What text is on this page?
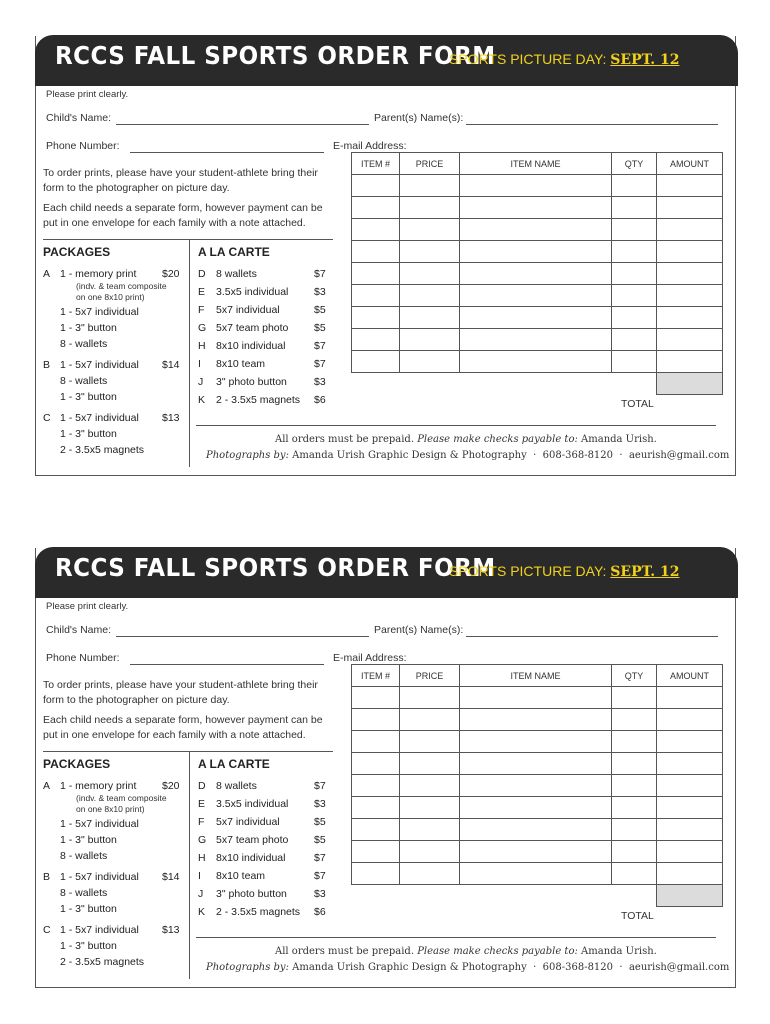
RCCS FALL SPORTS ORDER FORM
SPORTS PICTURE DAY: SEPT. 12
Please print clearly.
Child's Name:	Parent(s) Name(s):
Phone Number:	E-mail Address:
To order prints, please have your student-athlete bring their
form to the photographer on picture day.
Each child needs a separate form, however payment can be
put in one envelope for each family with a note attached.
PACKAGES	A LA CARTE
A 1 - memory print $20
(indv. & team composite
on one 8x10 print)
1 - 5x7 individual
1 - 3" button
8 - wallets
B 1 - 5x7 individual $14
8 - wallets
1 - 3" button
C 1 - 5x7 individual $13
1 - 3" button
2 - 3.5x5 magnets
D 8 wallets	$7
E 3.5x5 individual $3
F 5x7 individual	$5
G 5x7 team photo $5
H 8x10 individual	$7
I 8x10 team	$7
J 3" photo button	$3
K 2 - 3.5x5 magnets $6
ITEM #	PRICE	ITEM NAME	QTY	AMOUNT

TOTAL
All orders must be prepaid. Please make checks payable to: Amanda Urish.
Photographs by: Amanda Urish Graphic Design & Photography · 608-368-8120 · aeurish@gmail.com
RCCS FALL SPORTS ORDER FORM
SPORTS PICTURE DAY: SEPT. 12
Please print clearly.
Child's Name:	Parent(s) Name(s):
Phone Number:	E-mail Address:
To order prints, please have your student-athlete bring their
form to the photographer on picture day.
Each child needs a separate form, however payment can be
put in one envelope for each family with a note attached.
PACKAGES	A LA CARTE
A 1 - memory print $20
(indv. & team composite
on one 8x10 print)
1 - 5x7 individual
1 - 3" button
8 - wallets
B 1 - 5x7 individual $14
8 - wallets
1 - 3" button
C 1 - 5x7 individual $13
1 - 3" button
2 - 3.5x5 magnets
D 8 wallets	$7
E 3.5x5 individual $3
F 5x7 individual	$5
G 5x7 team photo $5
H 8x10 individual	$7
I 8x10 team	$7
J 3" photo button	$3
K 2 - 3.5x5 magnets $6
ITEM #	PRICE	ITEM NAME	QTY	AMOUNT

TOTAL
All orders must be prepaid. Please make checks payable to: Amanda Urish.
Photographs by: Amanda Urish Graphic Design & Photography · 608-368-8120 · aeurish@gmail.com
